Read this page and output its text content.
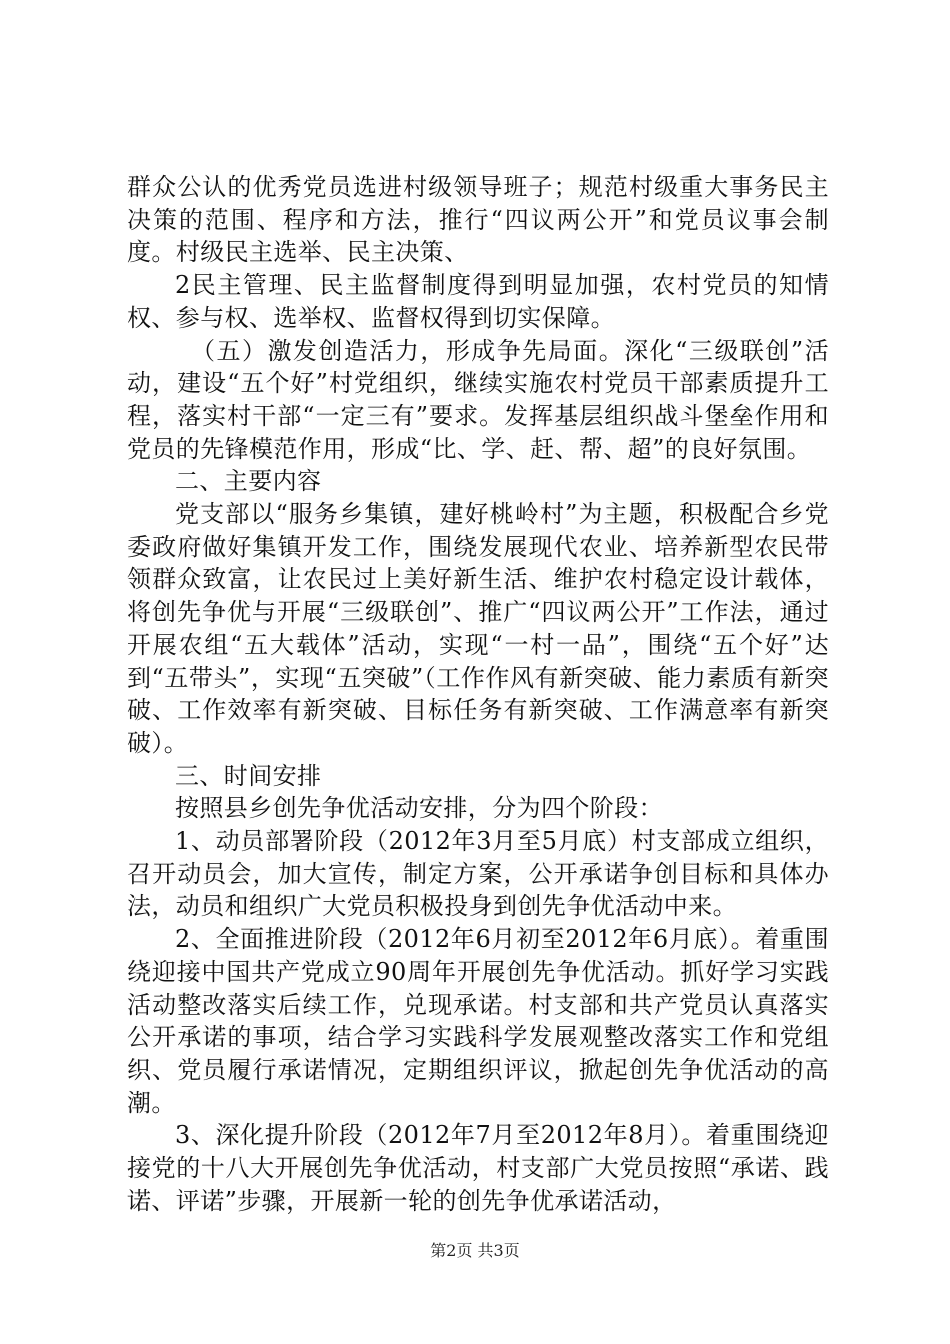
群众公认的优秀党员选进村级领导班子；规范村级重大事务民主决策的范围、程序和方法，推行“四议两公开”和党员议事会制度。村级民主选举、民主决策、

2民主管理、民主监督制度得到明显加强，农村党员的知情权、参与权、选举权、监督权得到切实保障。

（五）激发创造活力，形成争先局面。深化“三级联创”活动，建设“五个好”村党组织，继续实施农村党员干部素质提升工程，落实村干部“一定三有”要求。发挥基层组织战斗堡垒作用和党员的先锋模范作用，形成“比、学、赶、帮、超”的良好氛围。

二、主要内容

党支部以“服务乡集镇，建好桃岭村”为主题，积极配合乡党委政府做好集镇开发工作，围绕发展现代农业、培养新型农民带领群众致富，让农民过上美好新生活、维护农村稳定设计载体，将创先争优与开展“三级联创”、推广“四议两公开”工作法，通过开展农组“五大载体”活动，实现“一村一品”，围绕“五个好”达到“五带头”，实现“五突破”（工作作风有新突破、能力素质有新突破、工作效率有新突破、目标任务有新突破、工作满意率有新突破）。

三、时间安排

按照县乡创先争优活动安排，分为四个阶段：

1、动员部署阶段（2012年3月至5月底）村支部成立组织，召开动员会，加大宣传，制定方案，公开承诺争创目标和具体办法，动员和组织广大党员积极投身到创先争优活动中来。

2、全面推进阶段（2012年6月初至2012年6月底）。着重围绕迎接中国共产党成立90周年开展创先争优活动。抓好学习实践活动整改落实后续工作，兑现承诺。村支部和共产党员认真落实公开承诺的事项，结合学习实践科学发展观整改落实工作和党组织、党员履行承诺情况，定期组织评议，掀起创先争优活动的高潮。

3、深化提升阶段（2012年7月至2012年8月）。着重围绕迎接党的十八大开展创先争优活动，村支部广大党员按照“承诺、践诺、评诺”步骤，开展新一轮的创先争优承诺活动，

第2页 共3页
